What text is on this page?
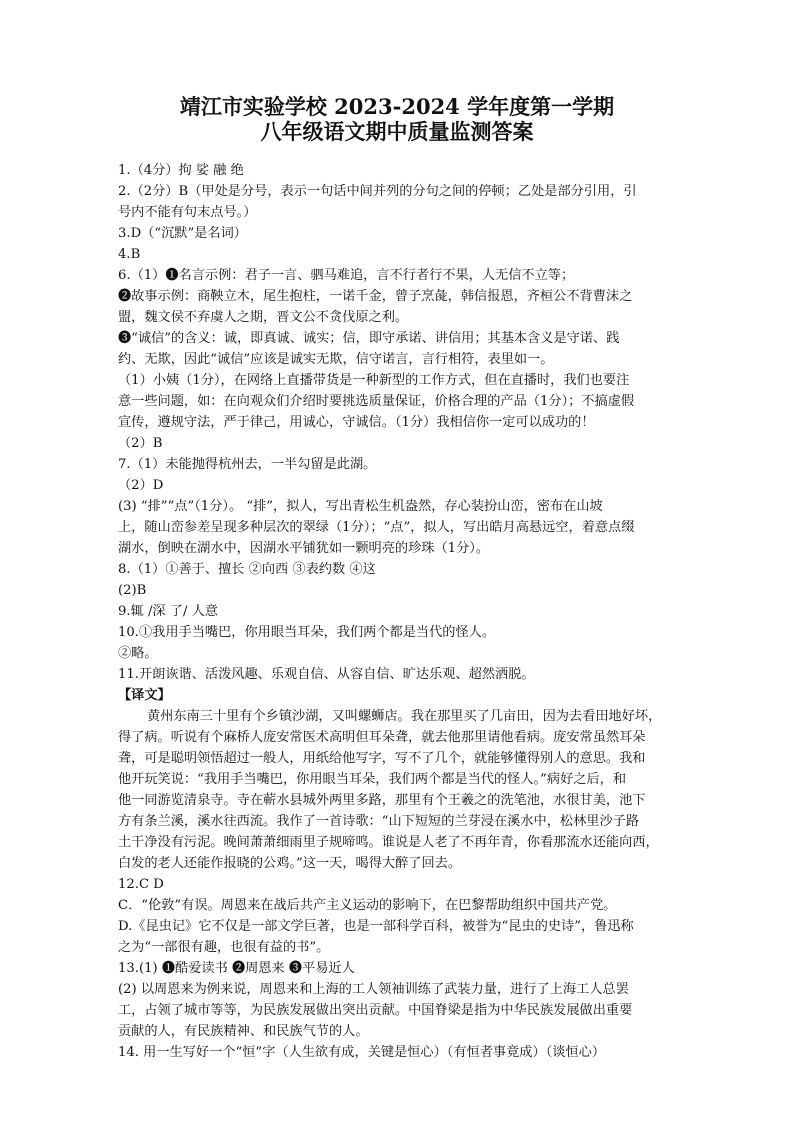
靖江市实验学校 2023-2024 学年度第一学期
八年级语文期中质量监测答案
1.（4分）拘 娑 融 绝
2.（2分）B（甲处是分号，表示一句话中间并列的分句之间的停顿；乙处是部分引用，引
号内不能有句末点号。）
3.D（“沉默”是名词）
4.B
6.（1）❶名言示例：君子一言、驷马难追，言不行者行不果，人无信不立等；
❷故事示例：商鞅立木，尾生抱柱，一诺千金，曾子烹彘，韩信报恩，齐桓公不背曹沫之
盟，魏文侯不弃虞人之期，晋文公不贪伐原之利。
❸“诚信”的含义：诚，即真诚、诚实；信，即守承诺、讲信用；其基本含义是守诺、践
约、无欺，因此“诚信”应该是诚实无欺，信守诺言，言行相符，表里如一。
（1）小姨（1分），在网络上直播带货是一种新型的工作方式，但在直播时，我们也要注
意一些问题，如：在向观众们介绍时要挑选质量保证，价格合理的产品（1分）；不搞虚假
宣传，遵规守法，严于律己，用诚心，守诚信。（1分）我相信你一定可以成功的！
（2）B
7.（1）未能抛得杭州去，一半勾留是此湖。
（2）D
(3) “排”“点”（1分）。 “排”，拟人，写出青松生机盎然，存心装扮山峦，密布在山坡
上，随山峦参差呈现多种层次的翠绿（1分）；“点”，拟人，写出皓月高悬远空，着意点缀
湖水，倒映在湖水中，因湖水平铺犹如一颗明亮的珍珠（1分）。
8.（1）①善于、擅长 ②向西 ③表约数 ④这
(2)B
9.辄 /深 了/ 人意
10.①我用手当嘴巴，你用眼当耳朵，我们两个都是当代的怪人。
②略。
11.开朗诙谐、活泼风趣、乐观自信、从容自信、旷达乐观、超然洒脱。
【译文】
黄州东南三十里有个乡镇沙湖，又叫螺蛳店。我在那里买了几亩田，因为去看田地好坏，
得了病。听说有个麻桥人庞安常医术高明但耳朵聋，就去他那里请他看病。庞安常虽然耳朵
聋，可是聪明领悟超过一般人，用纸给他写字，写不了几个，就能够懂得别人的意思。我和
他开玩笑说：“我用手当嘴巴，你用眼当耳朵，我们两个都是当代的怪人。”病好之后，和
他一同游览清泉寺。寺在蕲水县城外两里多路，那里有个王羲之的洗笔池，水很甘美，池下
方有条兰溪，溪水往西流。我作了一首诗歌：“山下短短的兰芽浸在溪水中，松林里沙子路
土干净没有污泥。晚间萧萧细雨里子规啼鸣。谁说是人老了不再年青，你看那流水还能向西，
白发的老人还能作报晓的公鸡。”这一天，喝得大醉了回去。
12.C D
C．“伦敦”有误。周恩来在战后共产主义运动的影响下，在巴黎帮助组织中国共产党。
D.《昆虫记》它不仅是一部文学巨著，也是一部科学百科，被誉为“昆虫的史诗”，鲁迅称
之为“一部很有趣，也很有益的书”。
13.(1) ❶酷爱读书 ❷周恩来 ❸平易近人
(2) 以周恩来为例来说，周恩来和上海的工人领袖训练了武装力量，进行了上海工人总罢
工，占领了城市等等，为民族发展做出突出贡献。中国脊梁是指为中华民族发展做出重要
贡献的人，有民族精神、和民族气节的人。
14. 用一生写好一个“恒”字（人生欲有成，关键是恒心）（有恒者事竟成）（谈恒心）
